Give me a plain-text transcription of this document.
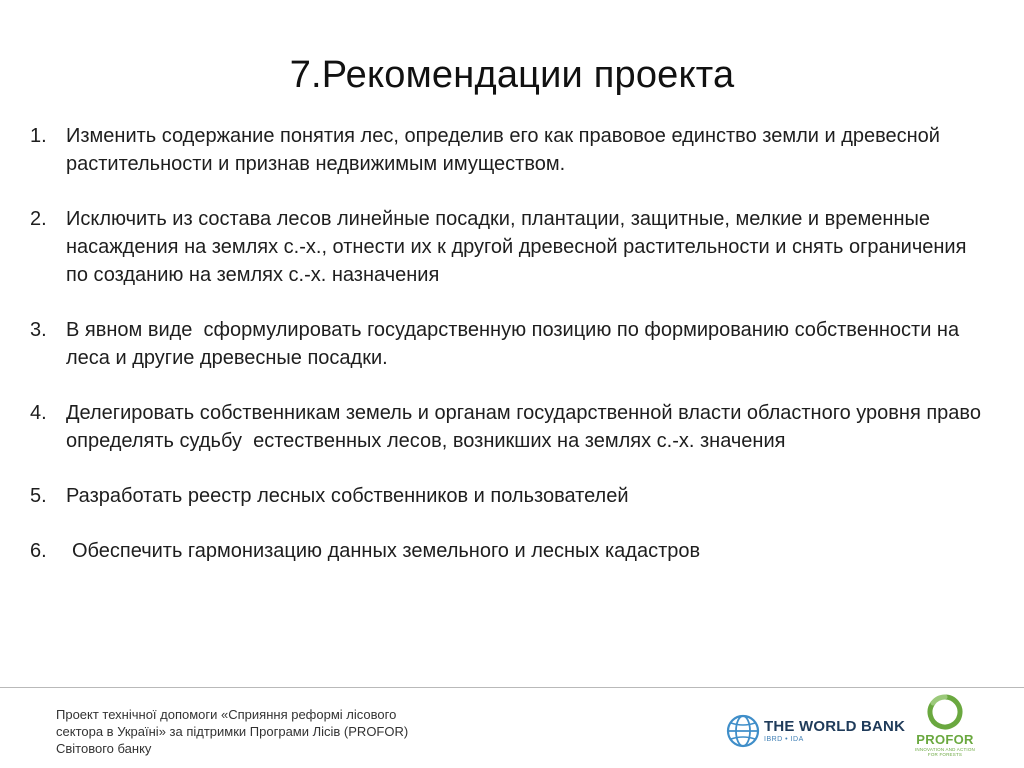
7.Рекомендации проекта
1. Изменить содержание понятия лес, определив его как правовое единство земли и древесной растительности и признав недвижимым имуществом.
2. Исключить из состава лесов линейные посадки, плантации, защитные, мелкие и временные насаждения на землях с.-х., отнести их к другой древесной растительности и снять ограничения по созданию на землях с.-х. назначения
3. В явном виде  сформулировать государственную позицию по формированию собственности на леса и другие древесные посадки.
4. Делегировать собственникам земель и органам государственной власти областного уровня право определять судьбу  естественных лесов, возникших на землях с.-х. значения
5. Разработать реестр лесных собственников и пользователей
6. Обеспечить гармонизацию данных земельного и лесных кадастров
Проект технічної допомоги «Сприяння реформі лісового
сектора в Україні» за підтримки Програми Лісів (PROFOR)
Світового банку
THE WORLD BANK
IBRD • IDA	PROFOR
INNOVATION AND ACTION
FOR FORESTS
